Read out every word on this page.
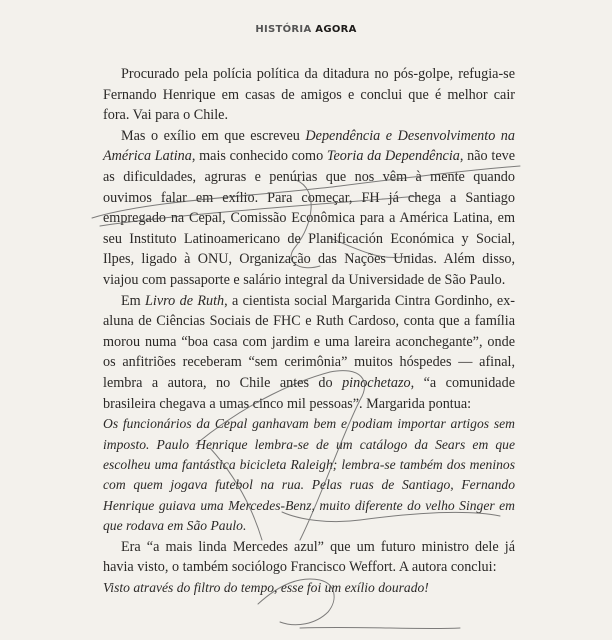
HISTÓRIA AGORA

Procurado pela polícia política da ditadura no pós-golpe, refugia-se Fernando Henrique em casas de amigos e conclui que é melhor cair fora. Vai para o Chile.

Mas o exílio em que escreveu Dependência e Desenvolvimento na América Latina, mais conhecido como Teoria da Dependência, não teve as dificuldades, agruras e penúrias que nos vêm à mente quando ouvimos falar em exílio. Para começar, FH já chega a Santiago empregado na Cepal, Comissão Econômica para a América Latina, em seu Instituto Latinoamericano de Planificación Económica y Social, Ilpes, ligado à ONU, Organização das Nações Unidas. Além disso, viajou com passaporte e salário integral da Universidade de São Paulo.

Em Livro de Ruth, a cientista social Margarida Cintra Gordinho, ex-aluna de Ciências Sociais de FHC e Ruth Cardoso, conta que a família morou numa “boa casa com jardim e uma lareira aconchegante”, onde os anfitriões receberam “sem cerimônia” muitos hóspedes — afinal, lembra a autora, no Chile antes do pinochetazo, “a comunidade brasileira chegava a umas cinco mil pessoas”. Margarida pontua:

Os funcionários da Cepal ganhavam bem e podiam importar artigos sem imposto. Paulo Henrique lembra-se de um catálogo da Sears em que escolheu uma fantástica bicicleta Raleigh; lembra-se também dos meninos com quem jogava futebol na rua. Pelas ruas de Santiago, Fernando Henrique guiava uma Mercedes-Benz, muito diferente do velho Singer em que rodava em São Paulo.

Era “a mais linda Mercedes azul” que um futuro ministro dele já havia visto, o também sociólogo Francisco Weffort. A autora conclui:

Visto através do filtro do tempo, esse foi um exílio dourado!
